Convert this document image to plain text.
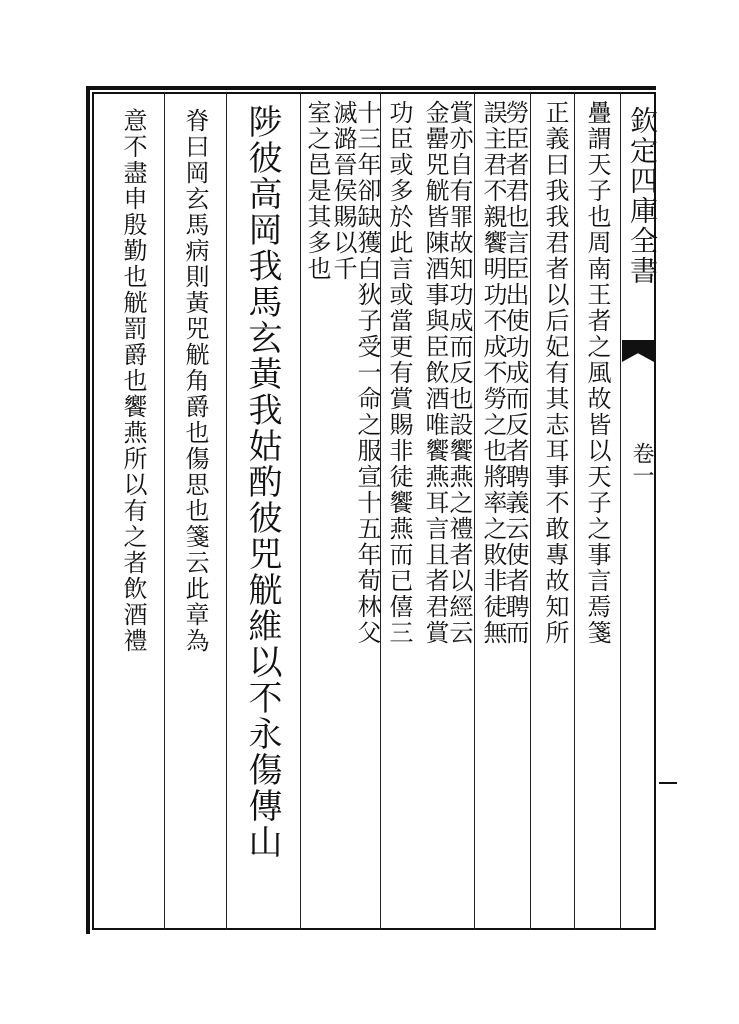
欽定四庫全書
卷一
疊謂天子也周南王者之風故皆以天子之事言焉箋
正義曰我我君者以后妃有其志耳事不敢專故知所
勞臣者君也言臣出使功成而反者聘義云使者聘而
誤主君不親饗明功不成不勞之也將率之敗非徒無
賞亦自有罪故知功成而反也設饗燕之禮者以經云
金罍兕觥皆陳酒事與臣飲酒唯饗燕耳言且者君賞
功臣或多於此言或當更有賞賜非徒饗燕而已僖三
十三年卻缺獲白狄子受一命之服宣十五年荀林父
滅潞晉侯賜以千
室之邑是其多也
陟彼高岡我馬玄黃我姑酌彼兕觥維以不永傷傳山
脊曰岡玄馬病則黃兕觥角爵也傷思也箋云此章為
意不盡申殷勤也觥罰爵也饗燕所以有之者飲酒禮
